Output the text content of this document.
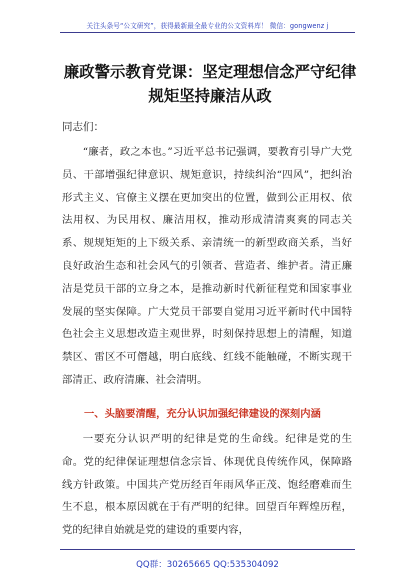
关注头条号“公文研究”，获得最新最全最专业的公文资料库！ 微信：gongwenz j
廉政警示教育党课：坚定理想信念严守纪律规矩坚持廉洁从政

同志们：

“廉者，政之本也。”习近平总书记强调，要教育引导广大党员、干部增强纪律意识、规矩意识，持续纠治“四风”，把纠治形式主义、官僚主义摆在更加突出的位置，做到公正用权、依法用权、为民用权、廉洁用权，推动形成清清爽爽的同志关系、规规矩矩的上下级关系、亲清统一的新型政商关系，当好良好政治生态和社会风气的引领者、营造者、维护者。清正廉洁是党员干部的立身之本，是推动新时代新征程党和国家事业发展的坚实保障。广大党员干部要自觉用习近平新时代中国特色社会主义思想改造主观世界，时刻保持思想上的清醒，知道禁区、雷区不可僭越，明白底线、红线不能触碰，不断实现干部清正、政府清廉、社会清明。

一、头脑要清醒，充分认识加强纪律建设的深刻内涵

一要充分认识严明的纪律是党的生命线。纪律是党的生命。党的纪律保证理想信念宗旨、体现优良传统作风，保障路线方针政策。中国共产党历经百年雨风华正茂、饱经磨难而生生不息，根本原因就在于有严明的纪律。回望百年辉煌历程，党的纪律自始就是党的建设的重要内容，

QQ群：30265665 QQ:535304092
